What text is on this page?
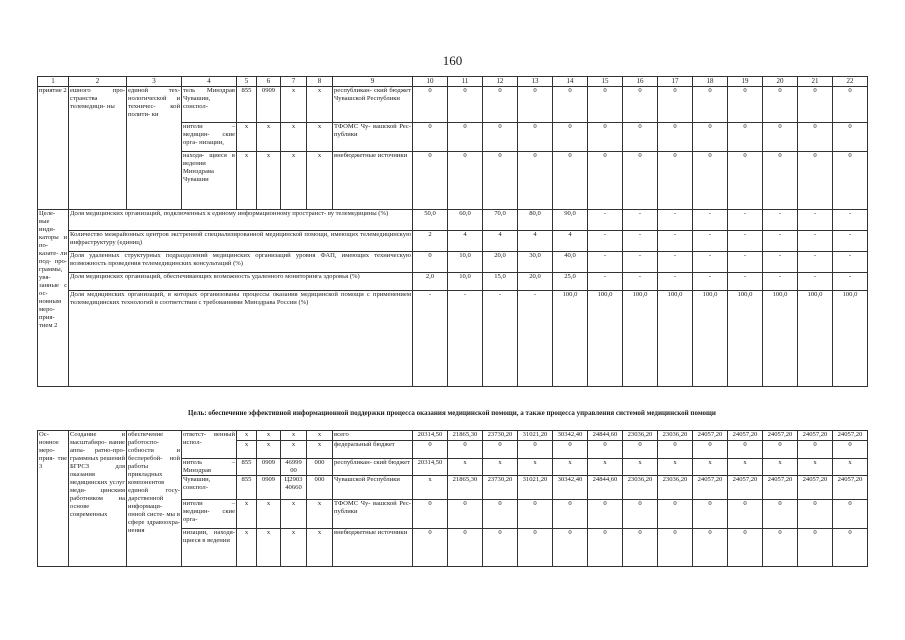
160
1	2	3	4	5	6	7	8	9	10	11	12	13	14	15	16	17	18	19	20	21	22
приятие 2	ешного про- странства телемедици- ны	единой тех- нологической и техничес- кой полити- ки	тель Минздрав Чувашии, соиспол-	855	0909	x	x	республикан- ский бюджет Чувашской Республики	0	0	0	0	0	0	0	0	0	0	0	0	0
			нители – медицин- ские орга- низации,	x	x	x	x	ТФОМС Чу- вашской Рес- публики	0	0	0	0	0	0	0	0	0	0	0	0	0
			находя- щиеся в ведении Минздрава Чувашии	x	x	x	x	внебюджетные источники	0	0	0	0	0	0	0	0	0	0	0	0	0
Целе- вые инди- каторы и по- казате- ли под- про- граммы, увя- занные с ос- новным меро- прия- тием 2	Доля медицинских организаций, подключенных к единому информационному пространст- ву телемедицины (%)								50,0	60,0	70,0	80,0	90,0	-	-	-	-	-	-	-	-
	Количество межрайонных центров экстренной специализированной медицинской помощи, имеющих телемедицинскую инфраструктуру (единиц)								2	4	4	4	4	-	-	-	-	-	-	-	-
	Доля удаленных структурных подразделений медицинских организаций уровня ФАП, имеющих техническую возможность проведения телемедицинских консультаций (%)								0	10,0	20,0	30,0	40,0	-	-	-	-	-	-	-	-
	Доля медицинских организаций, обеспечивающих возможность удаленного мониторинга здоровья (%)								2,0	10,0	15,0	20,0	25,0	-	-	-	-	-	-	-	-
	Доля медицинских организаций, в которых организованы процессы оказания медицинской помощи с применением телемедицинских технологий в соответствии с требованиями Минздрава России (%)								-	-	-	-	100,0	100,0	100,0	100,0	100,0	100,0	100,0	100,0	100,0
Цель: обеспечение эффективной информационной поддержки процесса оказания медицинской помощи, а также процесса управления системой медицинской помощи
Ос- новное меро- прия- тие 3	Создание и масштабиро- вание аппа- ратно-про- граммных решений БГРСЗ для оказания медицинских услуг меди- цинским работником на основе современных	обеспечение работоспо- собности и бесперебой- ной работы прикладных компонентов единой госу- дарственной информаци- онной систе- мы в сфере здравоохра- нения	ответст- венный испол-	x	x	x	x	всего	20314,50	21865,30	23730,20	31021,20	30342,40	24844,60	23036,20	23036,20	24057,20	24057,20	24057,20	24057,20	24057,20
				x	x	x	x	федеральный бюджет	0	0	0	0	0	0	0	0	0	0	0	0	0
			нитель – Минздрав	855	0909	46999 00	000	республикан- ский бюджет	20314,50	x	x	x	x	x	x	x	x	x	x	x	x
			Чувашии, соиспол-	855	0909	Ц2903 40660	000	Чувашской Республики	x	21865,30	23730,20	31021,20	30342,40	24844,60	23036,20	23036,20	24057,20	24057,20	24057,20	24057,20	24057,20
			нители – медицин- ские орга-	x	x	x	x	ТФОМС Чу- вашской Рес- публики	0	0	0	0	0	0	0	0	0	0	0	0	0
			низации, находя- щиеся в ведении	x	x	x	x	внебюджетные источники	0	0	0	0	0	0	0	0	0	0	0	0	0
